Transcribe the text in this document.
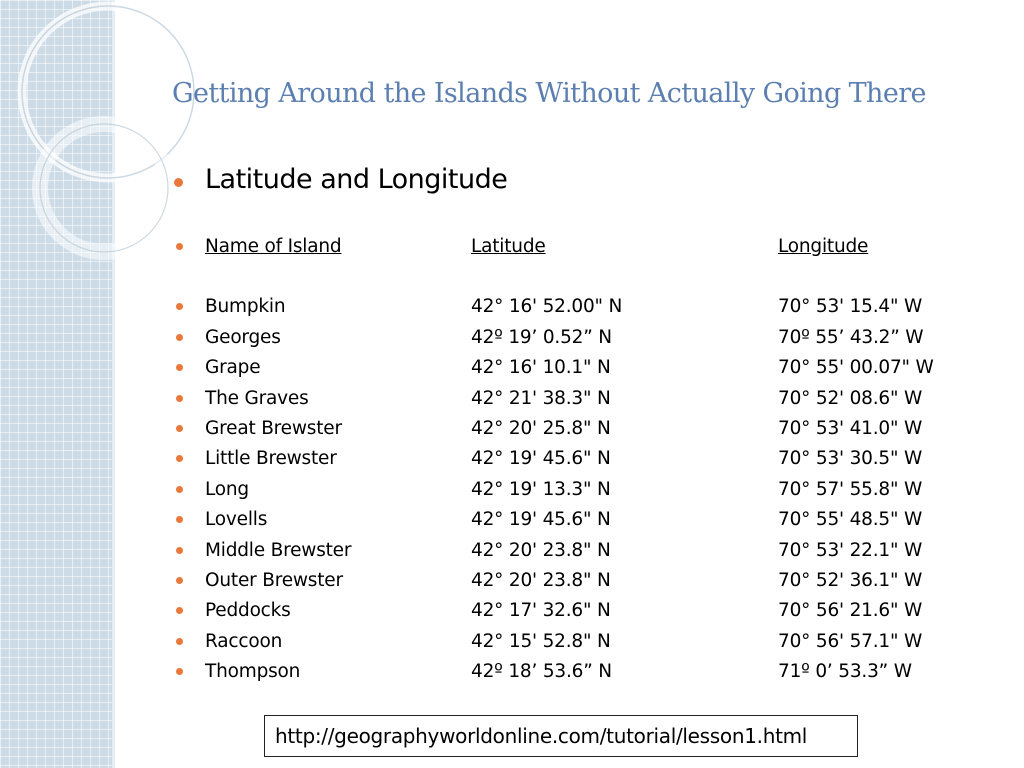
Getting Around the Islands Without Actually Going There
Latitude and Longitude
Name of Island	Latitude	Longitude
Bumpkin	42° 16' 52.00" N	70° 53' 15.4" W
Georges	42º 19’ 0.52” N	70º 55’ 43.2” W
Grape	42° 16' 10.1" N	70° 55' 00.07" W
The Graves	42° 21' 38.3" N	70° 52' 08.6" W
Great Brewster	42° 20' 25.8" N	70° 53' 41.0" W
Little Brewster	42° 19' 45.6" N	70° 53' 30.5" W
Long	42° 19' 13.3" N	70° 57' 55.8" W
Lovells	42° 19' 45.6" N	70° 55' 48.5" W
Middle Brewster	42° 20' 23.8" N	70° 53' 22.1" W
Outer Brewster	42° 20' 23.8" N	70° 52' 36.1" W
Peddocks	42° 17' 32.6" N	70° 56' 21.6" W
Raccoon	42° 15' 52.8" N	70° 56' 57.1" W
Thompson	42º 18’ 53.6” N	71º 0’ 53.3” W
http://geographyworldonline.com/tutorial/lesson1.html
